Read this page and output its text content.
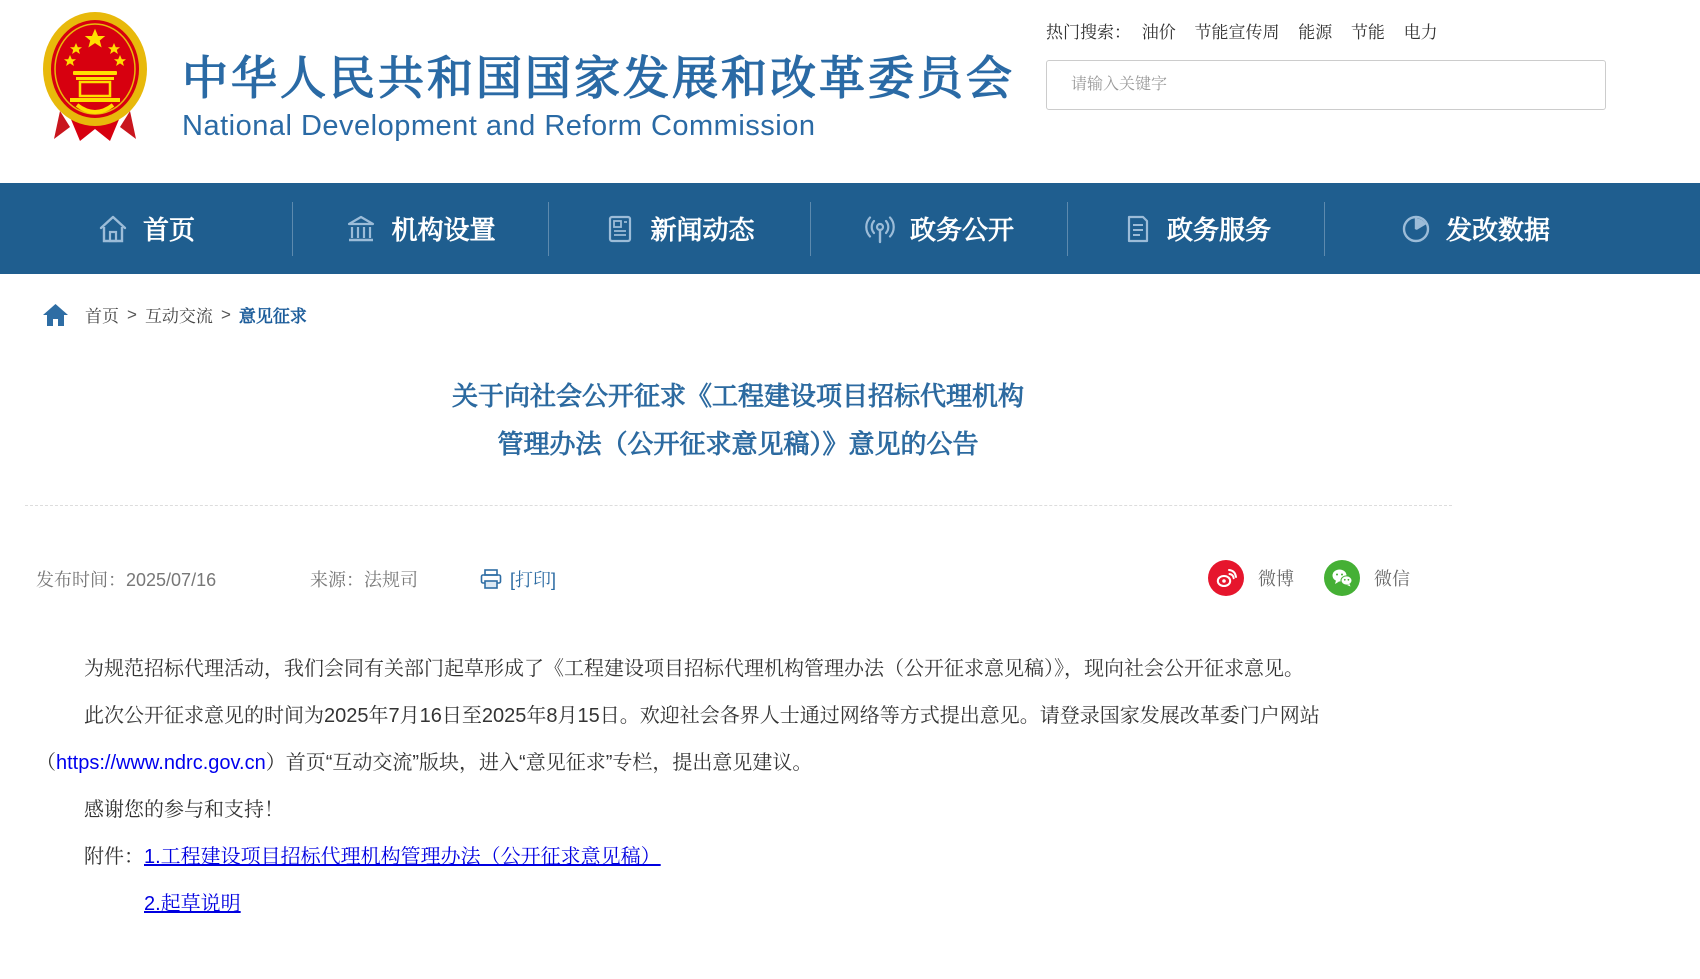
中华人民共和国国家发展和改革委员会
National Development and Reform Commission
热门搜索： 油价 节能宣传周 能源 节能 电力
请输入关键字
首页	机构设置	新闻动态	政务公开	政务服务	发改数据
首页 > 互动交流 > 意见征求
关于向社会公开征求《工程建设项目招标代理机构
管理办法（公开征求意见稿）》意见的公告
发布时间：2025/07/16	来源：法规司	[打印]	微博	微信

为规范招标代理活动，我们会同有关部门起草形成了《工程建设项目招标代理机构管理办法（公开征求意见稿）》，现向社会公开征求意见。

此次公开征求意见的时间为2025年7月16日至2025年8月15日。欢迎社会各界人士通过网络等方式提出意见。请登录国家发展改革委门户网站（https://www.ndrc.gov.cn）首页“互动交流”版块，进入“意见征求”专栏，提出意见建议。

感谢您的参与和支持！

附件： 1.工程建设项目招标代理机构管理办法（公开征求意见稿）
2.起草说明
